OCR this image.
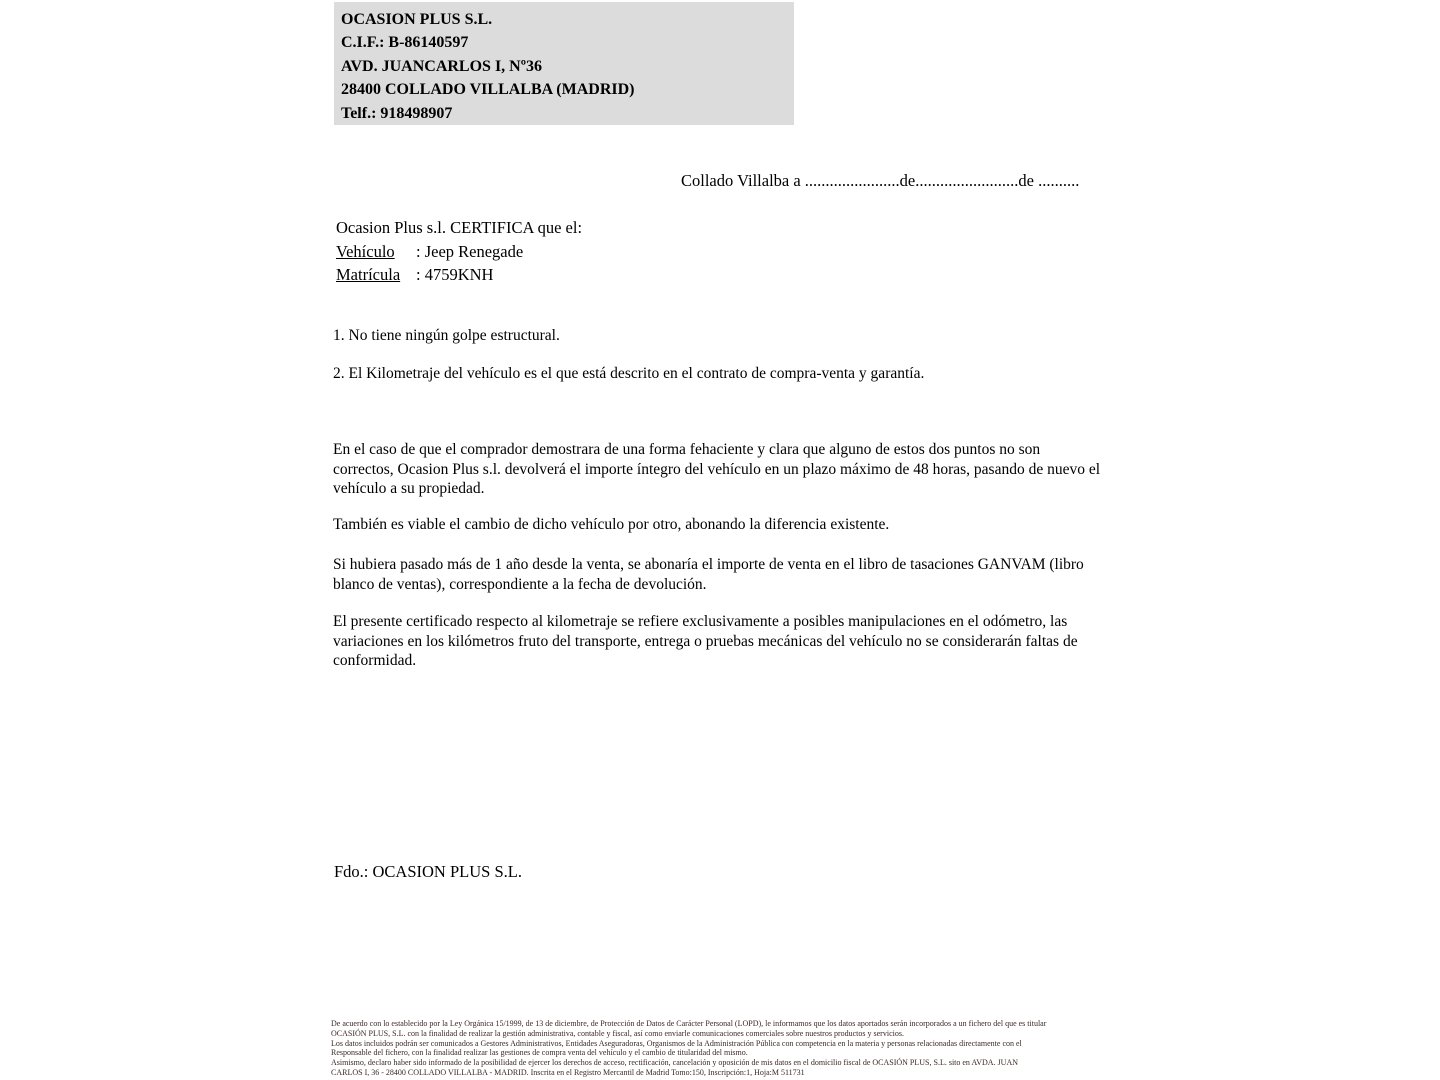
OCASION PLUS S.L.
C.I.F.: B-86140597
AVD. JUANCARLOS I, Nº36
28400 COLLADO VILLALBA (MADRID)
Telf.: 918498907
Collado Villalba a .......................de.........................de ..........
Ocasion Plus s.l. CERTIFICA que el:
Vehículo : Jeep Renegade
Matrícula : 4759KNH
1. No tiene ningún golpe estructural.
2. El Kilometraje del vehículo es el que está descrito en el contrato de compra-venta y garantía.
En el caso de que el comprador demostrara de una forma fehaciente y clara que alguno de estos dos puntos no son correctos, Ocasion Plus s.l. devolverá el importe íntegro del vehículo en un plazo máximo de 48 horas, pasando de nuevo el vehículo a su propiedad.
También es viable el cambio de dicho vehículo por otro, abonando la diferencia existente.
Si hubiera pasado más de 1 año desde la venta, se abonaría el importe de venta en el libro de tasaciones GANVAM (libro blanco de ventas), correspondiente a la fecha de devolución.
El presente certificado respecto al kilometraje se refiere exclusivamente a posibles manipulaciones en el odómetro, las variaciones en los kilómetros fruto del transporte, entrega o pruebas mecánicas del vehículo no se considerarán faltas de conformidad.
Fdo.: OCASION PLUS S.L.
De acuerdo con lo establecido por la Ley Orgánica 15/1999, de 13 de diciembre, de Protección de Datos de Carácter Personal (LOPD), le informamos que los datos aportados serán incorporados a un fichero del que es titular
OCASIÓN PLUS, S.L. con la finalidad de realizar la gestión administrativa, contable y fiscal, así como enviarle comunicaciones comerciales sobre nuestros productos y servicios.
Los datos incluidos podrán ser comunicados a Gestores Administrativos, Entidades Aseguradoras, Organismos de la Administración Pública con competencia en la materia y personas relacionadas directamente con el
Responsable del fichero, con la finalidad realizar las gestiones de compra venta del vehículo y el cambio de titularidad del mismo.
Asimismo, declaro haber sido informado de la posibilidad de ejercer los derechos de acceso, rectificación, cancelación y oposición de mis datos en el domicilio fiscal de OCASIÓN PLUS, S.L. sito en AVDA. JUAN
CARLOS I, 36 - 28400 COLLADO VILLALBA - MADRID. Inscrita en el Registro Mercantil de Madrid Tomo:150, Inscripción:1, Hoja:M 511731
